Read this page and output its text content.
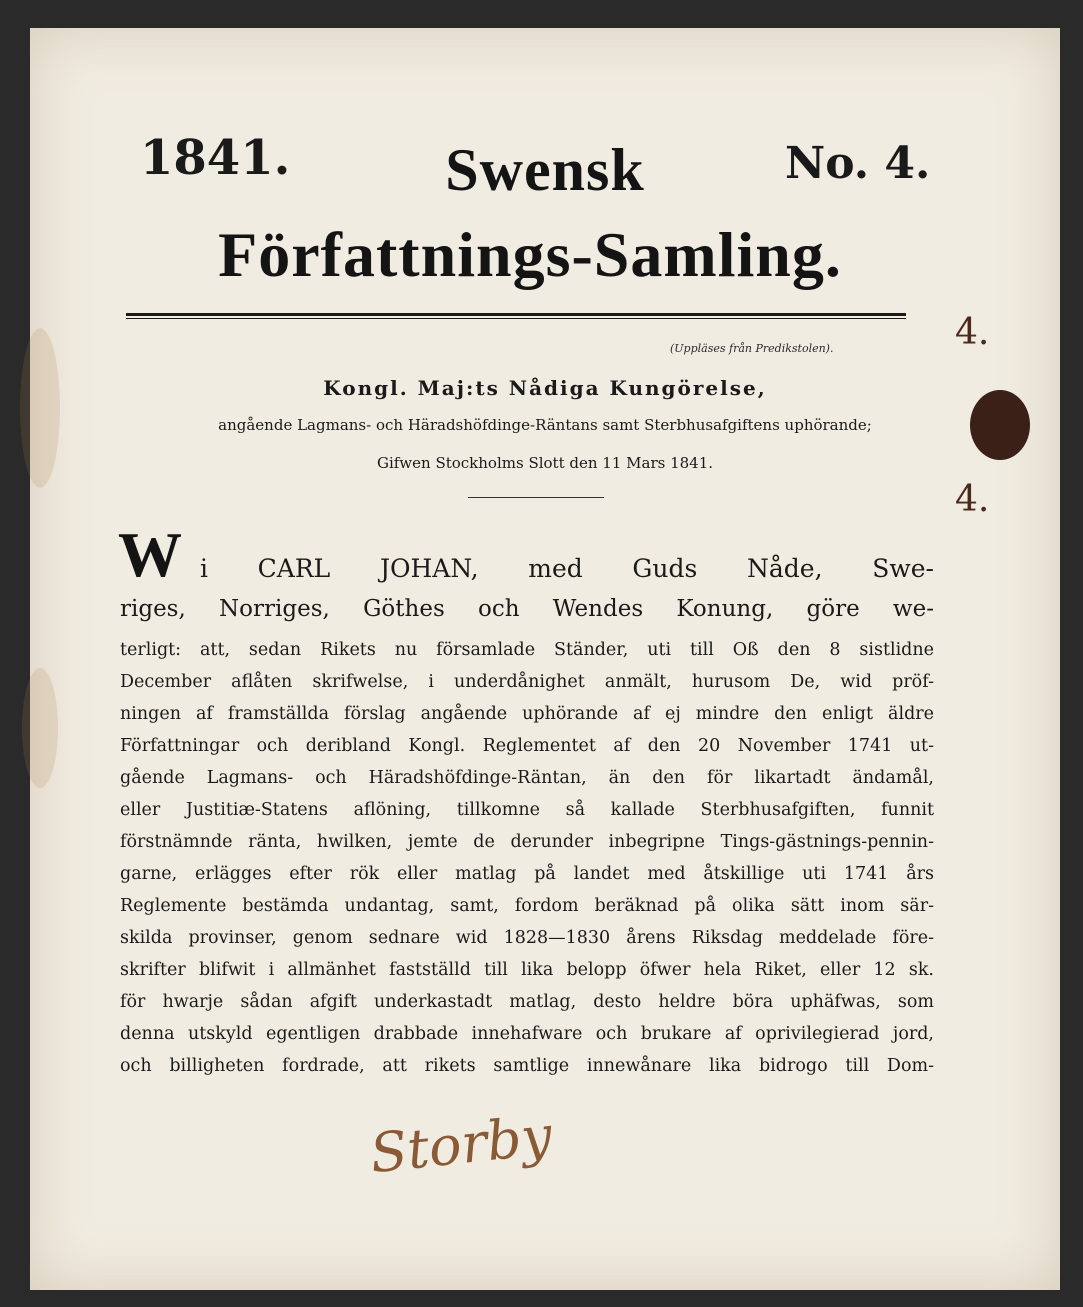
1841.	Swensk	No. 4.
Författnings-Samling.
(Uppläses från Predikstolen).
Kongl. Maj:ts Nådiga Kungörelse,
angående Lagmans- och Häradshöfdinge-Räntans samt Sterbhusafgiftens uphörande;
Gifwen Stockholms Slott den 11 Mars 1841.
W i CARL JOHAN, med Guds Nåde, Swe-
riges, Norriges, Göthes och Wendes Konung, göre we-
terligt: att, sedan Rikets nu församlade Ständer, uti till Oß den 8 sistlidne
December aflåten skrifwelse, i underdånighet anmält, hurusom De, wid pröf-
ningen af framställda förslag angående uphörande af ej mindre den enligt äldre
Författningar och deribland Kongl. Reglementet af den 20 November 1741 ut-
gående Lagmans- och Häradshöfdinge-Räntan, än den för likartadt ändamål,
eller Justitiæ-Statens aflöning, tillkomne så kallade Sterbhusafgiften, funnit
förstnämnde ränta, hwilken, jemte de derunder inbegripne Tings-gästnings-pennin-
garne, erlägges efter rök eller matlag på landet med åtskillige uti 1741 års
Reglemente bestämda undantag, samt, fordom beräknad på olika sätt inom sär-
skilda provinser, genom sednare wid 1828—1830 årens Riksdag meddelade före-
skrifter blifwit i allmänhet fastställd till lika belopp öfwer hela Riket, eller 12 sk.
för hwarje sådan afgift underkastadt matlag, desto heldre böra uphäfwas, som
denna utskyld egentligen drabbade innehafware och brukare af oprivilegierad jord,
och billigheten fordrade, att rikets samtlige innewånare lika bidrogo till Dom-
Storby
4.
4.
